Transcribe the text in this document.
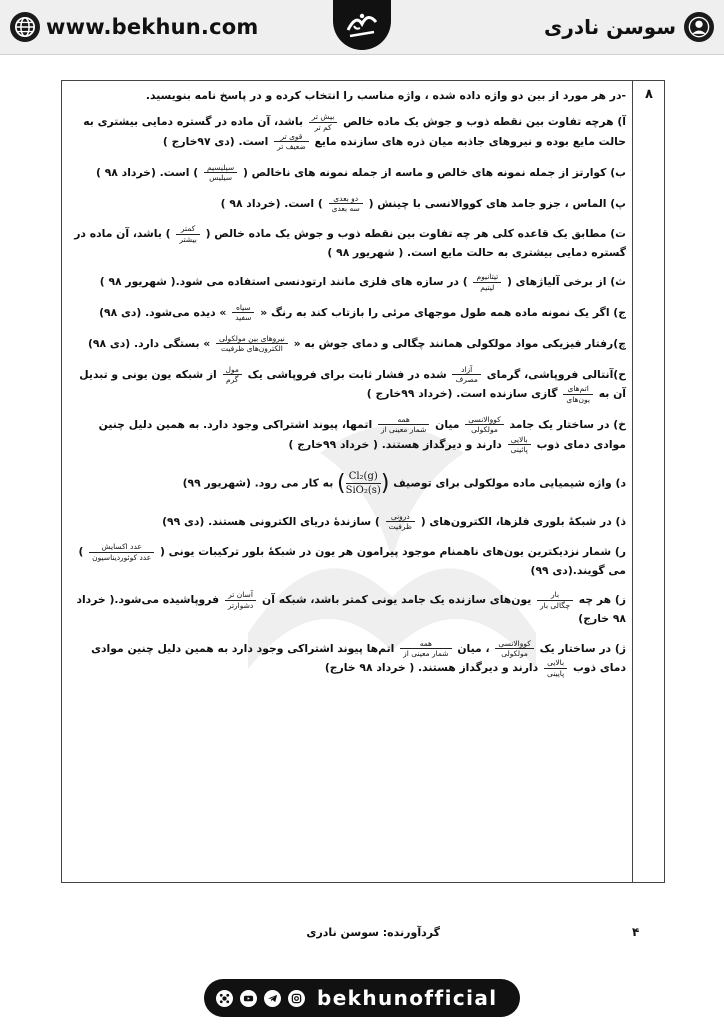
www.bekhun.com	سوسن نادری
۸
-در هر مورد از بین دو واژه داده شده ، واژه مناسب را انتخاب کرده و در پاسخ نامه بنویسید.
آ) هرچه تفاوت بین نقطه ذوب و جوش یک ماده خالص
$\frac{\text{بیش تر}}{\text{کم تر}}$
باشد، آن ماده در گستره دمایی بیشتری به حالت مایع بوده و نیروهای جاذبه میان ذره های سازنده مایع
$\frac{\text{قوی تر}}{\text{ضعیف تر}}$
است. (دی ۹۷خارج )
ب) کوارتز از جمله نمونه های خالص و ماسه از جمله نمونه های ناخالص (
$\frac{\text{سیلیسیم}}{\text{سیلیس}}$
) است. (خرداد ۹۸ )
پ) الماس ، جزو جامد های کووالانسی با چینش (
$\frac{\text{دو بعدی}}{\text{سه بعدی}}$
) است. (خرداد ۹۸ )
ت) مطابق یک قاعده کلی هر چه تفاوت بین نقطه ذوب و جوش یک ماده خالص (
$\frac{\text{کمتر}}{\text{بیشتر}}$
) باشد، آن ماده در گستره دمایی بیشتری به حالت مایع است. ( شهریور ۹۸ )
ث) از برخی آلیاژهای (
$\frac{\text{تیتانیوم}}{\text{لیتیم}}$
) در سازه های فلزی مانند ارتودنسی استفاده می شود.( شهریور ۹۸ )
ج) اگر یک نمونه ماده همه طول موجهای مرئی را بازتاب کند به رنگ «
$\frac{\text{سیاه}}{\text{سفید}}$
» دیده می‌شود. (دی ۹۸)
چ)رفتار فیزیکی مواد مولکولی همانند چگالی و دمای جوش به «
$\frac{\text{نیروهای بین مولکولی}}{\text{الکترون‌های ظرفیت}}$
» بستگی دارد. (دی ۹۸)
ح)آنتالی فروپاشی، گرمای
$\frac{\text{آزاد}}{\text{مصرف}}$
شده در فشار ثابت برای فروپاشی یک
$\frac{\text{مول}}{\text{گرم}}$
از شبکه یون یونی و تبدیل آن به
$\frac{\text{اتم‌های}}{\text{یون‌های}}$
گازی سازنده است. (خرداد ۹۹خارج )
خ) در ساختار یک جامد
$\frac{\text{کووالانسی}}{\text{مولکولی}}$
میان
$\frac{\text{همه}}{\text{شمار معینی از}}$
اتمها، پیوند اشتراکی وجود دارد. به همین دلیل چنین موادی دمای ذوب
$\frac{\text{بالایی}}{\text{پائینی}}$
دارند و دیرگداز هستند. ( خرداد ۹۹خارج )
د) واژه شیمیایی ماده مولکولی برای توصیف (
$\frac{\text{Cl₂(g)}}{\text{SiO₂(s)}}$
) به کار می رود. (شهریور ۹۹)
ذ) در شبکهٔ بلوری فلزها، الکترون‌های (
$\frac{\text{درونی}}{\text{ظرفیت}}$
) سازندهٔ دریای الکترونی هستند. (دی ۹۹)
ر) شمار نزدیکترین یون‌های ناهمنام موجود پیرامون هر یون در شبکهٔ بلور ترکیبات یونی (
$\frac{\text{عدد اکسایش}}{\text{عدد کوئوردیناسیون}}$
) می گویند.(دی ۹۹)
ز) هر چه
$\frac{\text{بار}}{\text{چگالی بار}}$
یون‌های سازنده یک جامد یونی کمتر باشد، شبکه آن
$\frac{\text{آسان تر}}{\text{دشوارتر}}$
فروپاشیده می‌شود.( خرداد ۹۸ خارج)
ژ) در ساختار یک
$\frac{\text{کووالانسی}}{\text{مولکولی}}$
، میان
$\frac{\text{همه}}{\text{شمار معینی از}}$
اتم‌ها پیوند اشتراکی وجود دارد به همین دلیل چنین موادی دمای ذوب
$\frac{\text{بالایی}}{\text{پایینی}}$
دارند و دیرگداز هستند. ( خرداد ۹۸ خارج)
گردآورنده: سوسن نادری	۴
bekhunofficial
